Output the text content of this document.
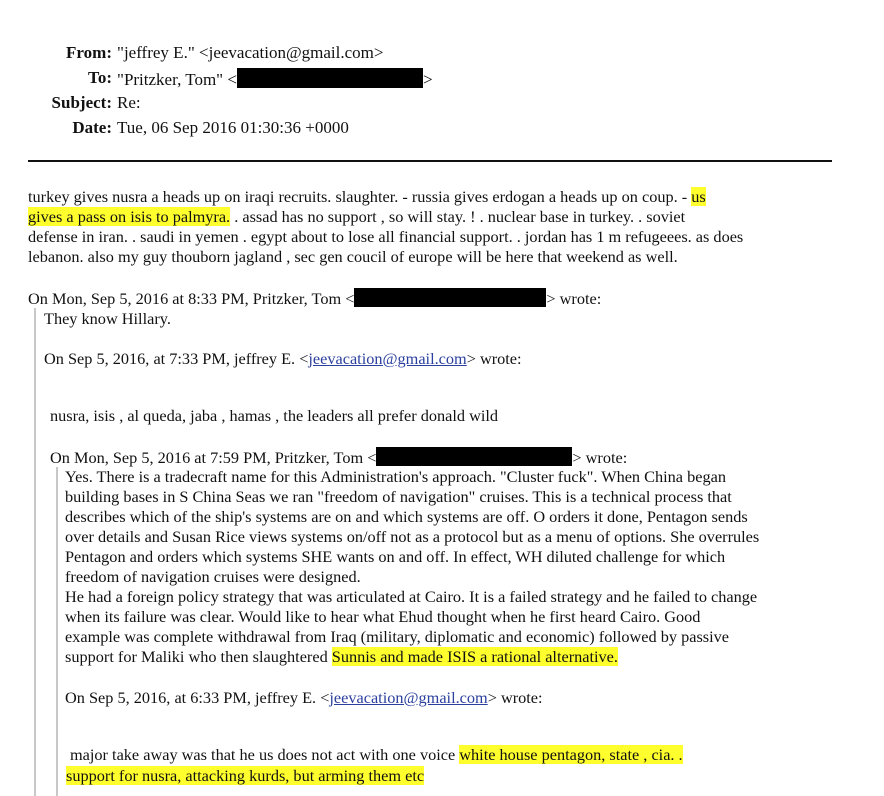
From: "jeffrey E." <jeevacation@gmail.com>
To: "Pritzker, Tom" <	>
Subject: Re:
Date: Tue, 06 Sep 2016 01:30:36 +0000
turkey gives nusra a heads up on iraqi recruits. slaughter. - russia gives erdogan a heads up on coup. - us
gives a pass on isis to palmyra. . assad has no support , so will stay. ! . nuclear base in turkey. . soviet
defense in iran. . saudi in yemen . egypt about to lose all financial support. . jordan has 1 m refugeees. as does
lebanon. also my guy thouborn jagland , sec gen coucil of europe will be here that weekend as well.
On Mon, Sep 5, 2016 at 8:33 PM, Pritzker, Tom <	> wrote:
They know Hillary.
On Sep 5, 2016, at 7:33 PM, jeffrey E. <jeevacation@gmail.com> wrote:
nusra, isis , al queda, jaba , hamas , the leaders all prefer donald wild
On Mon, Sep 5, 2016 at 7:59 PM, Pritzker, Tom <	> wrote:
Yes. There is a tradecraft name for this Administration's approach. "Cluster fuck". When China began
building bases in S China Seas we ran "freedom of navigation" cruises. This is a technical process that
describes which of the ship's systems are on and which systems are off. O orders it done, Pentagon sends
over details and Susan Rice views systems on/off not as a protocol but as a menu of options. She overrules
Pentagon and orders which systems SHE wants on and off. In effect, WH diluted challenge for which
freedom of navigation cruises were designed.
He had a foreign policy strategy that was articulated at Cairo. It is a failed strategy and he failed to change
when its failure was clear. Would like to hear what Ehud thought when he first heard Cairo. Good
example was complete withdrawal from Iraq (military, diplomatic and economic) followed by passive
support for Maliki who then slaughtered Sunnis and made ISIS a rational alternative.
On Sep 5, 2016, at 6:33 PM, jeffrey E. <jeevacation@gmail.com> wrote:
major take away was that he us does not act with one voice white house pentagon, state , cia. .
support for nusra, attacking kurds, but arming them etc
